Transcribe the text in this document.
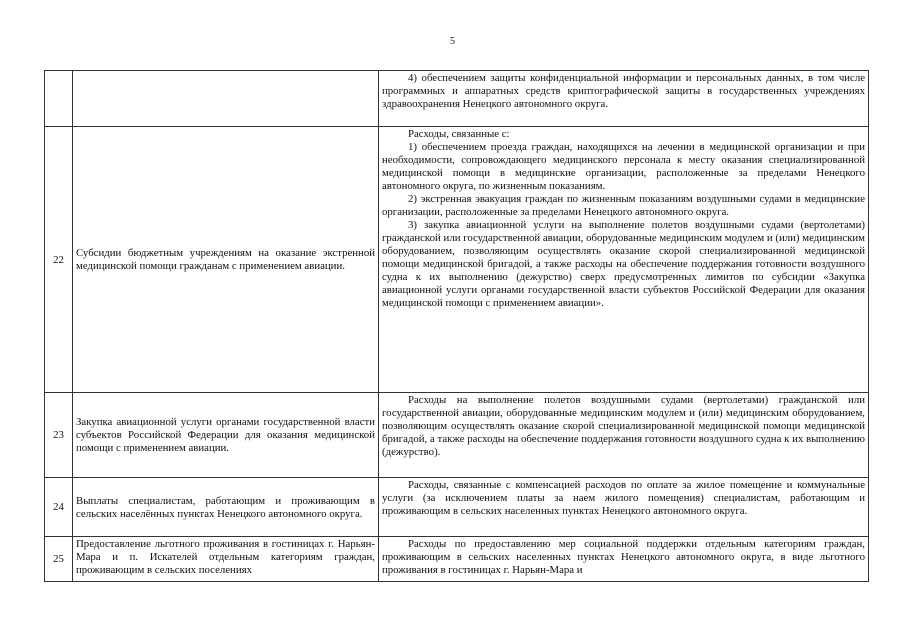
5

		4) обеспечением защиты конфиденциальной информации и персональных данных, в том числе программных и аппаратных средств криптографической защиты в государственных учреждениях здравоохранения Ненецкого автономного округа.

22	Субсидии бюджетным учреждениям на оказание экстренной медицинской помощи гражданам с применением авиации.	Расходы, связанные с:

1) обеспечением проезда граждан, находящихся на лечении в медицинской организации и при необходимости, сопровождающего медицинского персонала к месту оказания специализированной медицинской помощи в медицинские организации, расположенные за пределами Ненецкого автономного округа, по жизненным показаниям.

2) экстренная эвакуация граждан по жизненным показаниям воздушными судами в медицинские организации, расположенные за пределами Ненецкого автономного округа.

3) закупка авиационной услуги на выполнение полетов воздушными судами (вертолетами) гражданской или государственной авиации, оборудованные медицинским модулем и (или) медицинским оборудованием, позволяющим осуществлять оказание скорой специализированной медицинской помощи медицинской бригадой, а также расходы на обеспечение поддержания готовности воздушного судна к их выполнению (дежурство) сверх предусмотренных лимитов по субсидии «Закупка авиационной услуги органами государственной власти субъектов Российской Федерации для оказания медицинской помощи с применением авиации».

23	Закупка авиационной услуги органами государственной власти субъектов Российской Федерации для оказания медицинской помощи с применением авиации.	Расходы на выполнение полетов воздушными судами (вертолетами) гражданской или государственной авиации, оборудованные медицинским модулем и (или) медицинским оборудованием, позволяющим осуществлять оказание скорой специализированной медицинской помощи медицинской бригадой, а также расходы на обеспечение поддержания готовности воздушного судна к их выполнению (дежурство).

24	Выплаты специалистам, работающим и проживающим в сельских населённых пунктах Ненецкого автономного округа.	Расходы, связанные с компенсацией расходов по оплате за жилое помещение и коммунальные услуги (за исключением платы за наем жилого помещения) специалистам, работающим и проживающим в сельских населенных пунктах Ненецкого автономного округа.

25	Предоставление льготного проживания в гостиницах г. Нарьян-Мара и п. Искателей отдельным категориям граждан, проживающим в сельских поселениях	Расходы по предоставлению мер социальной поддержки отдельным категориям граждан, проживающим в сельских населенных пунктах Ненецкого автономного округа, в виде льготного проживания в гостиницах г. Нарьян-Мара и
